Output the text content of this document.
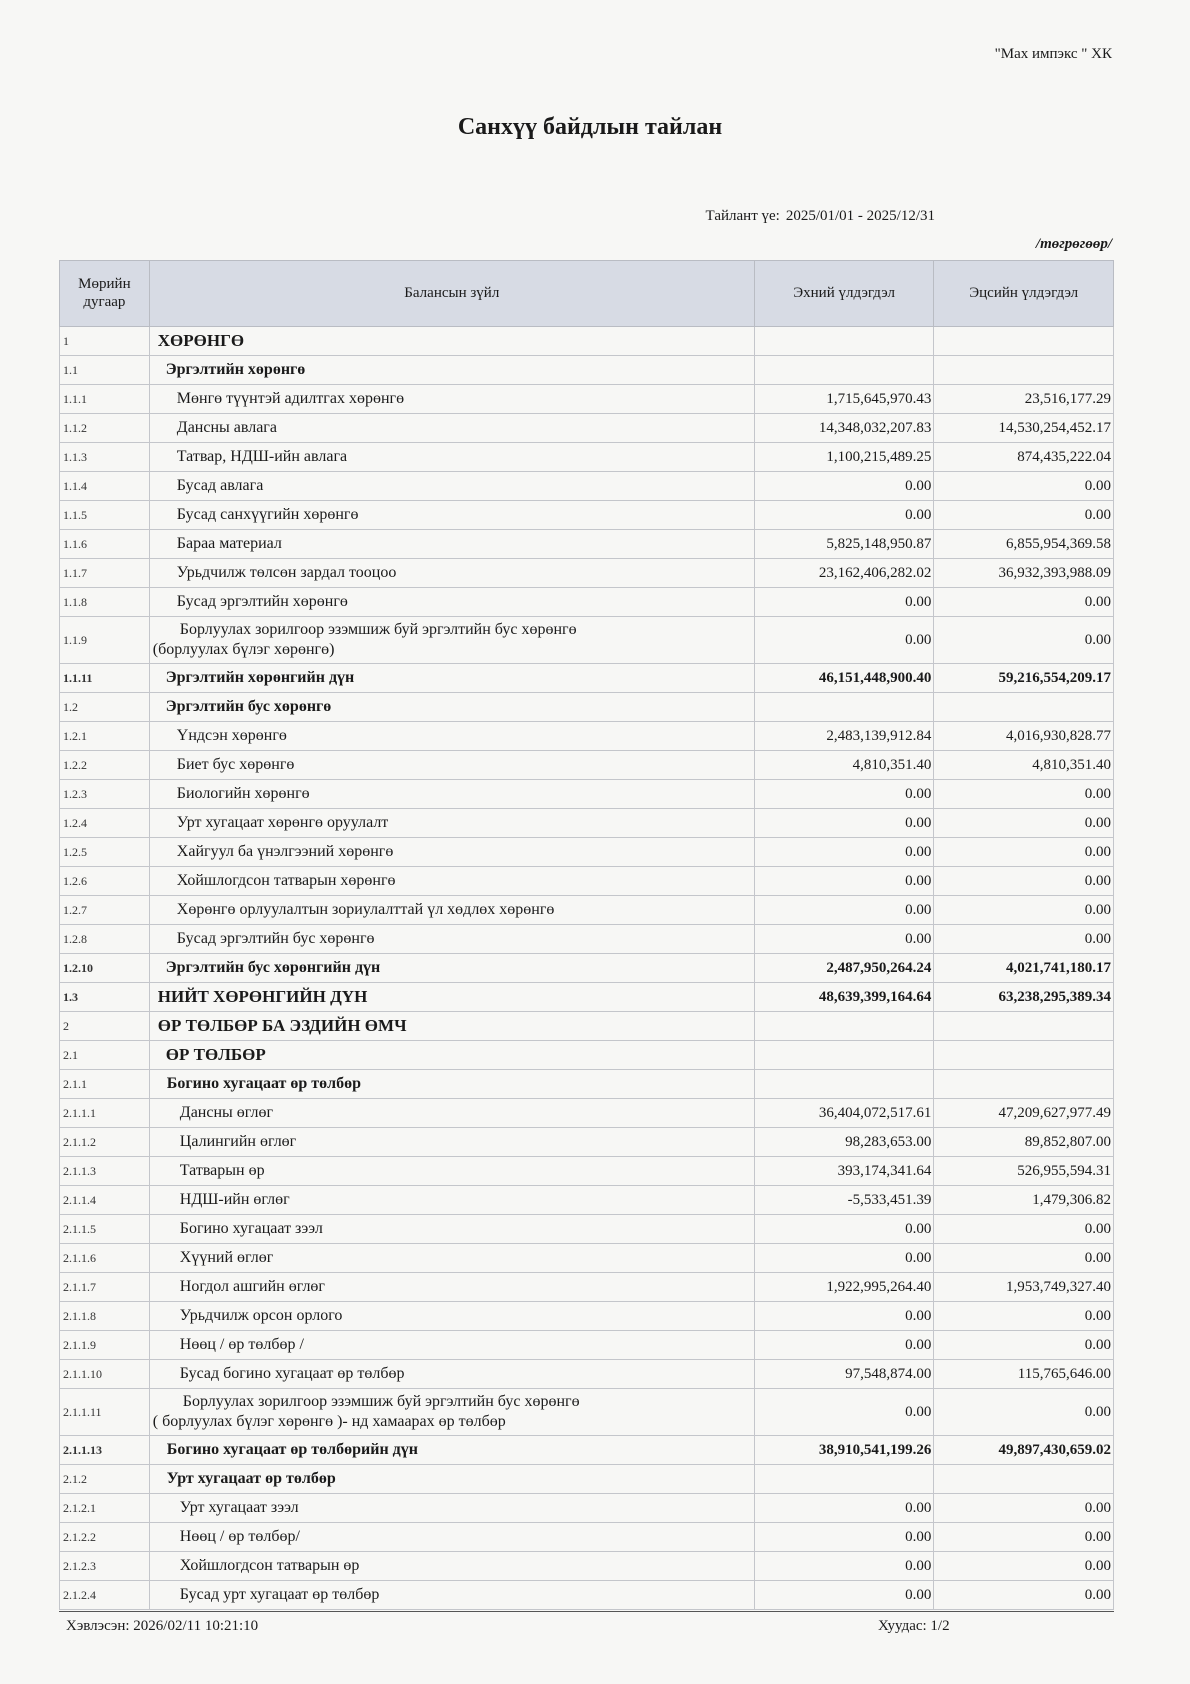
"Мах импэкс " ХК
Санхүү байдлын тайлан
Тайлант үе: 2025/01/01 - 2025/12/31
/төгрөгөөр/
Мөрийн
дугаар	Балансын зүйл	Эхний үлдэгдэл	Эцсийн үлдэгдэл
1	ХӨРӨНГӨ		
1.1	Эргэлтийн хөрөнгө		
1.1.1	Мөнгө түүнтэй адилтгах хөрөнгө	1,715,645,970.43	23,516,177.29
1.1.2	Дансны авлага	14,348,032,207.83	14,530,254,452.17
1.1.3	Татвар, НДШ-ийн авлага	1,100,215,489.25	874,435,222.04
1.1.4	Бусад авлага	0.00	0.00
1.1.5	Бусад санхүүгийн хөрөнгө	0.00	0.00
1.1.6	Бараа материал	5,825,148,950.87	6,855,954,369.58
1.1.7	Урьдчилж төлсөн зардал тооцоо	23,162,406,282.02	36,932,393,988.09
1.1.8	Бусад эргэлтийн хөрөнгө	0.00	0.00
1.1.9	Борлуулах зорилгоор эзэмшиж буй эргэлтийн бус хөрөнгө
(борлуулах бүлэг хөрөнгө)	0.00	0.00
1.1.11	Эргэлтийн хөрөнгийн дүн	46,151,448,900.40	59,216,554,209.17
1.2	Эргэлтийн бус хөрөнгө		
1.2.1	Үндсэн хөрөнгө	2,483,139,912.84	4,016,930,828.77
1.2.2	Биет бус хөрөнгө	4,810,351.40	4,810,351.40
1.2.3	Биологийн хөрөнгө	0.00	0.00
1.2.4	Урт хугацаат хөрөнгө оруулалт	0.00	0.00
1.2.5	Хайгуул ба үнэлгээний хөрөнгө	0.00	0.00
1.2.6	Хойшлогдсон татварын хөрөнгө	0.00	0.00
1.2.7	Хөрөнгө орлуулалтын зориулалттай үл хөдлөх хөрөнгө	0.00	0.00
1.2.8	Бусад эргэлтийн бус хөрөнгө	0.00	0.00
1.2.10	Эргэлтийн бус хөрөнгийн дүн	2,487,950,264.24	4,021,741,180.17
1.3	НИЙТ ХӨРӨНГИЙН ДҮН	48,639,399,164.64	63,238,295,389.34
2	ӨР ТӨЛБӨР БА ЭЗДИЙН ӨМЧ		
2.1	ӨР ТӨЛБӨР		
2.1.1	Богино хугацаат өр төлбөр		
2.1.1.1	Дансны өглөг	36,404,072,517.61	47,209,627,977.49
2.1.1.2	Цалингийн өглөг	98,283,653.00	89,852,807.00
2.1.1.3	Татварын өр	393,174,341.64	526,955,594.31
2.1.1.4	НДШ-ийн өглөг	-5,533,451.39	1,479,306.82
2.1.1.5	Богино хугацаат зээл	0.00	0.00
2.1.1.6	Хүүний өглөг	0.00	0.00
2.1.1.7	Ногдол ашгийн өглөг	1,922,995,264.40	1,953,749,327.40
2.1.1.8	Урьдчилж орсон орлого	0.00	0.00
2.1.1.9	Нөөц / өр төлбөр /	0.00	0.00
2.1.1.10	Бусад богино хугацаат өр төлбөр	97,548,874.00	115,765,646.00
2.1.1.11	Борлуулах зорилгоор эзэмшиж буй эргэлтийн бус хөрөнгө
( борлуулах бүлэг хөрөнгө )- нд хамаарах өр төлбөр	0.00	0.00
2.1.1.13	Богино хугацаат өр төлбөрийн дүн	38,910,541,199.26	49,897,430,659.02
2.1.2	Урт хугацаат өр төлбөр		
2.1.2.1	Урт хугацаат зээл	0.00	0.00
2.1.2.2	Нөөц / өр төлбөр/	0.00	0.00
2.1.2.3	Хойшлогдсон татварын өр	0.00	0.00
2.1.2.4	Бусад урт хугацаат өр төлбөр	0.00	0.00
Хэвлэсэн: 2026/02/11 10:21:10	Хуудас: 1/2
